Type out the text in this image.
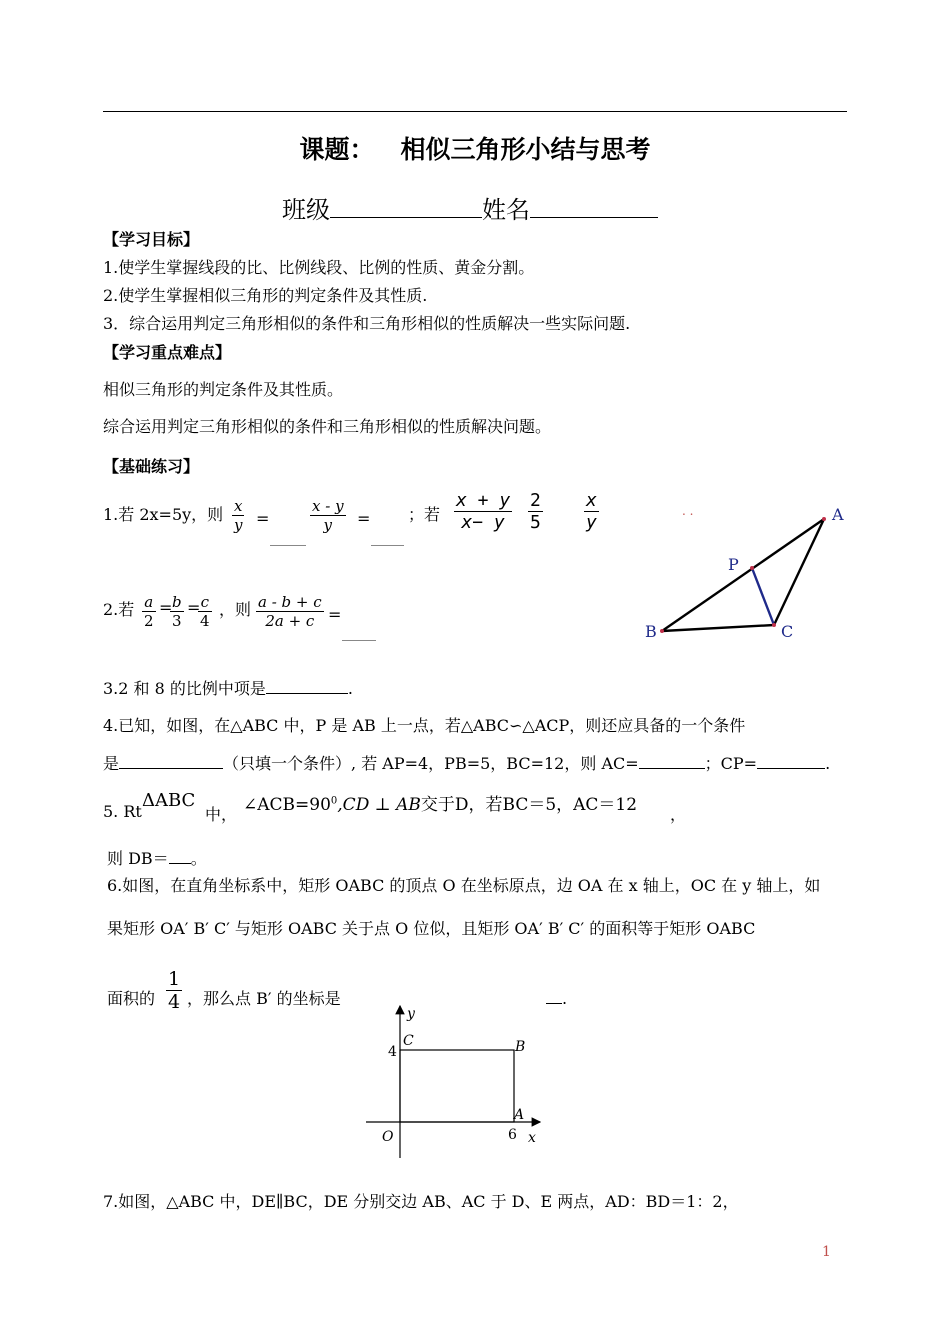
课题： 相似三角形小结与思考
班级	姓名
【学习目标】
1.使学生掌握线段的比、比例线段、比例的性质、黄金分割。
2.使学生掌握相似三角形的判定条件及其性质.
3．综合运用判定三角形相似的条件和三角形相似的性质解决一些实际问题.
【学习重点难点】
相似三角形的判定条件及其性质。
综合运用判定三角形相似的条件和三角形相似的性质解决问题。
【基础练习】
1.若 2x=5y，则 $\frac{x}{y}$ =	$\frac{x - y}{y}$ = ；若 $\frac{x + y}{x- y} \frac{2}{5} \frac{x}{y}$	. .
2.若 $\frac{a}{2}$ =
$\frac{b}{3}$ =
$\frac{c}{4}$ ，则 $\frac{a - b + c}{2a + c}$ =
3.2 和 8 的比例中项是	.
4.已知，如图，在△ABC 中，P 是 AB 上一点，若△ABC∽△ACP，则还应具备的一个条件
是	（只填一个条件）, 若 AP=4，PB=5，BC=12，则 AC=	；CP=	.
5. Rt
ΔABC
中， $\angle ACB=90^0,CD$ ⊥ AB交于D，若BC＝5，AC＝12 ，
则 DB＝ 。
6.如图，在直角坐标系中，矩形 OABC 的顶点 O 在坐标原点，边 OA 在 x 轴上，OC 在 y 轴上，如
果矩形 OA′ B′ C′ 与矩形 OABC 关于点 O 位似，且矩形 OA′ B′ C′ 的面积等于矩形 OABC
面积的 $\frac{1}{4}$ ，那么点 B′ 的坐标是	.
7.如图，△ABC 中，DE∥BC，DE 分别交边 AB、AC 于 D、E 两点，AD：BD＝1：2，
A
B	C
P
y
x
C	B
A
O
4
6
1
